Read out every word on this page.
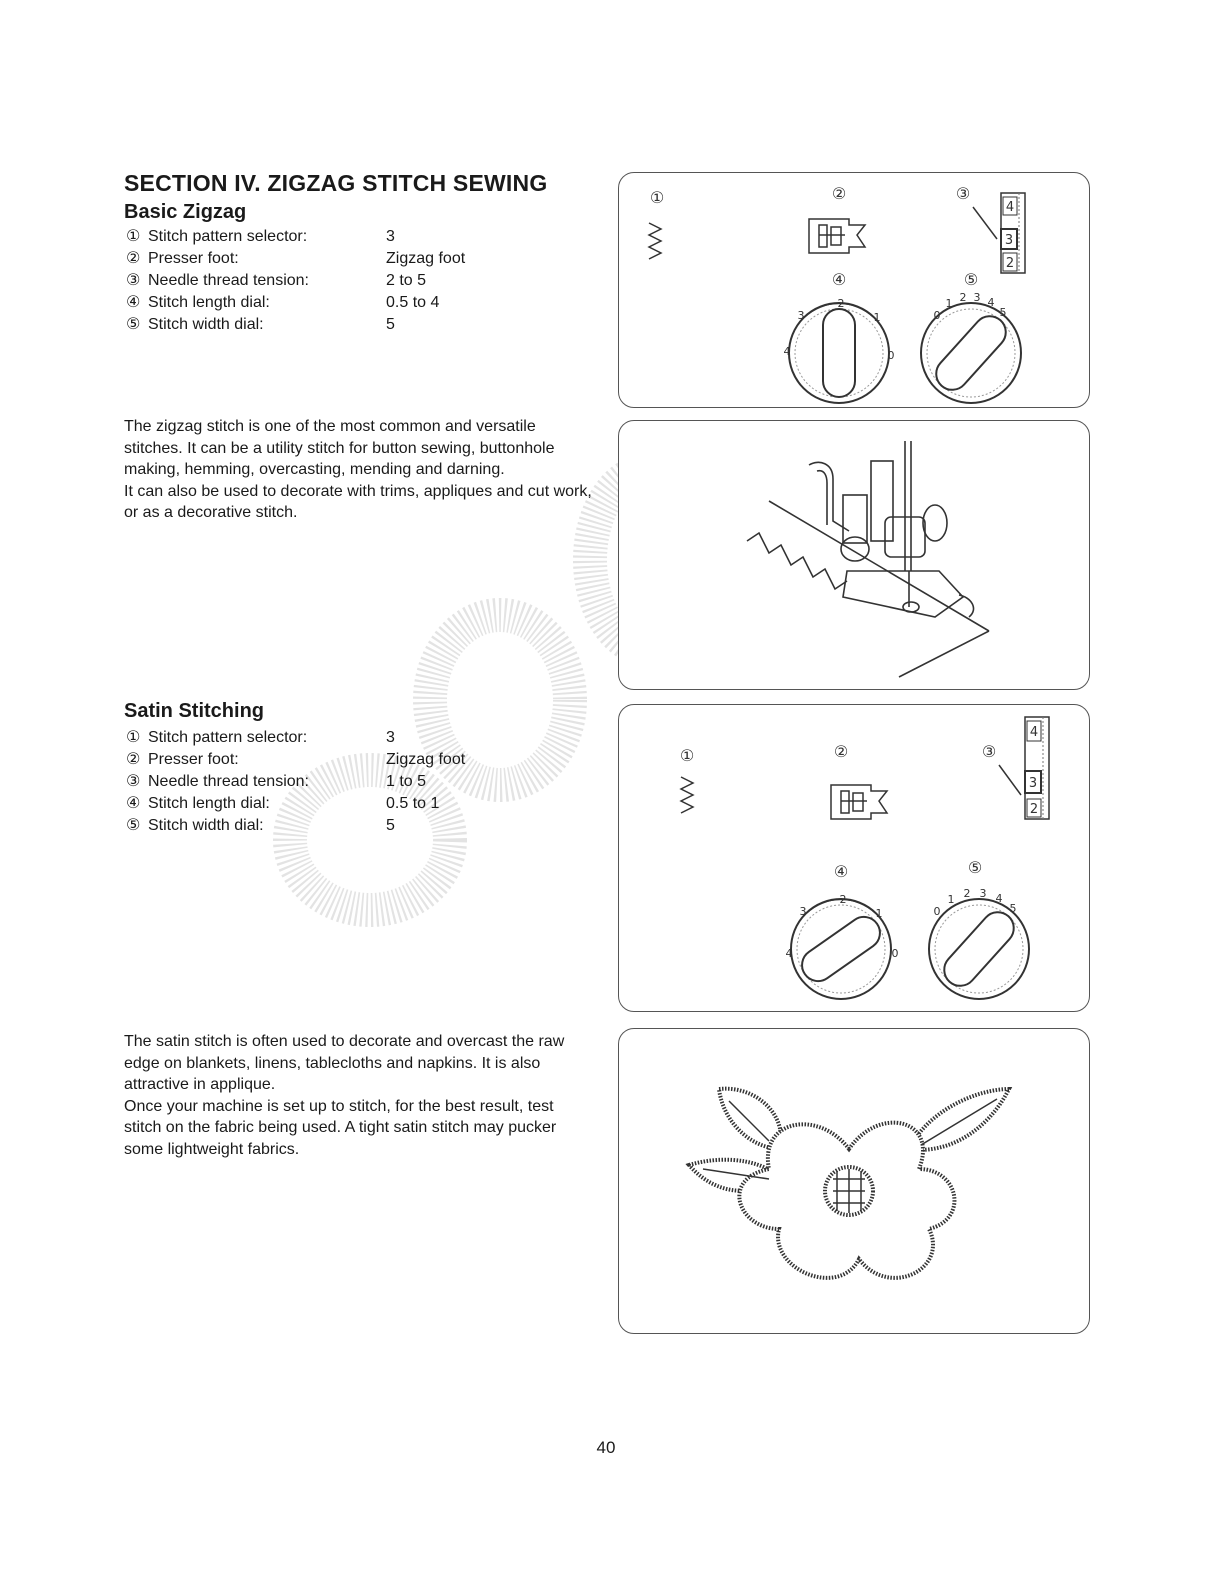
SECTION IV. ZIGZAG STITCH SEWING
Basic Zigzag
① Stitch pattern selector:	3
② Presser foot:	Zigzag foot
③ Needle thread tension:	2 to 5
④ Stitch length dial:	0.5 to 4
⑤ Stitch width dial:	5
The zigzag stitch is one of the most common and versatile stitches. It can be a utility stitch for button sewing, buttonhole making, hemming, overcasting, mending and darning.
It can also be used to decorate with trims, appliques and cut work, or as a decorative stitch.
Satin Stitching
① Stitch pattern selector:	3
② Presser foot:	Zigzag foot
③ Needle thread tension:	1 to 5
④ Stitch length dial:	0.5 to 1
⑤ Stitch width dial:	5
The satin stitch is often used to decorate and overcast the raw edge on blankets, linens, tablecloths and napkins. It is also attractive in applique.
Once your machine is set up to stitch, for the best result, test stitch on the fabric being used. A tight satin stitch may pucker some lightweight fabrics.
①	②	③
④	⑤
4
3
2
2
3	1
4	0
0
1 2 3 4
5
①	②	③
④	⑤
4
3
2
2
3	1
4	0
0
1 2 3 4
5
40
